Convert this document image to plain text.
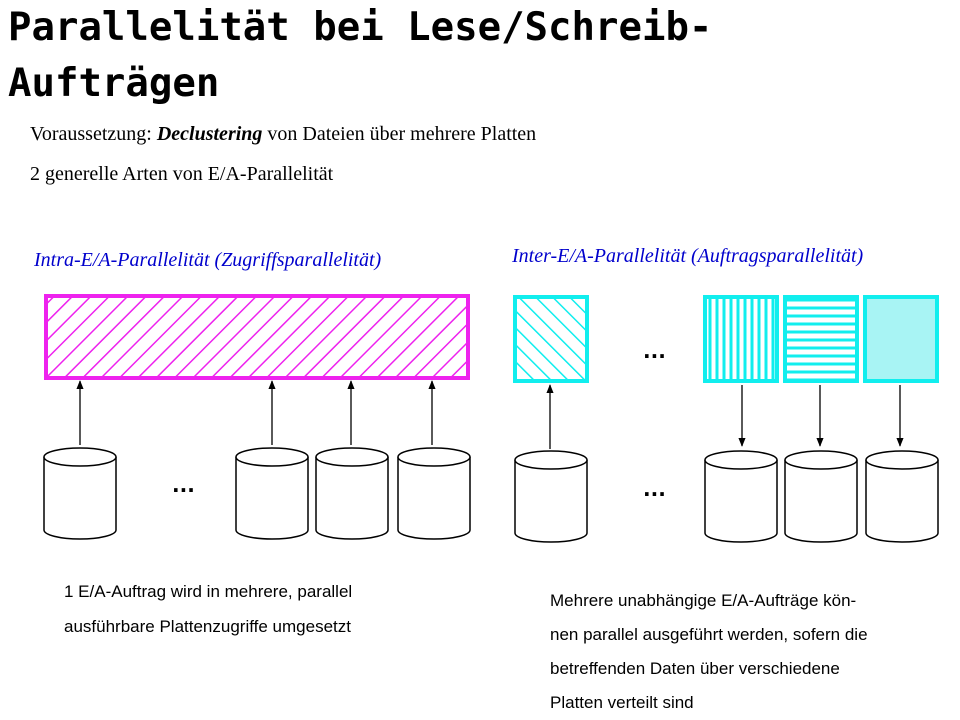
Parallelität bei Lese/Schreib-
Aufträgen
Voraussetzung: Declustering von Dateien über mehrere Platten
2 generelle Arten von E/A-Parallelität
Intra-E/A-Parallelität (Zugriffsparallelität)
...
1 E/A-Auftrag wird in mehrere, parallel
ausführbare Plattenzugriffe umgesetzt
Inter-E/A-Parallelität (Auftragsparallelität)
...
...
Mehrere unabhängige E/A-Aufträge kön-
nen parallel ausgeführt werden, sofern die
betreffenden Daten über verschiedene
Platten verteilt sind
